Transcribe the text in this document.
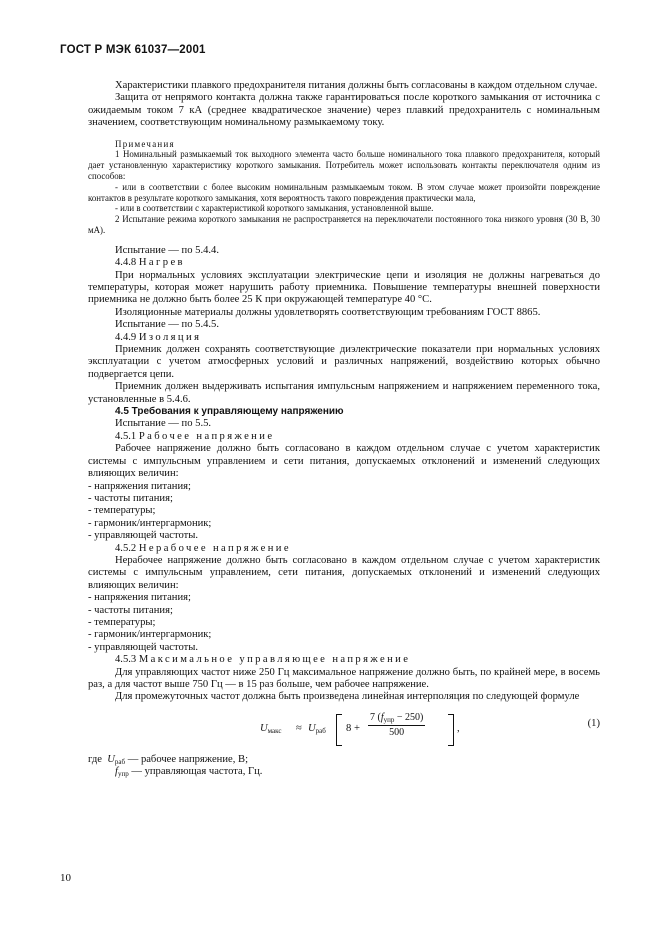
ГОСТ Р МЭК 61037—2001

Характеристики плавкого предохранителя питания должны быть согласованы в каждом отдельном случае.

Защита от непрямого контакта должна также гарантироваться после короткого замыкания от источника с ожидаемым током 7 кА (среднее квадратическое значение) через плавкий предохранитель с номинальным значением, соответствующим номинальному размыкаемому току.

Примечания

1 Номинальный размыкаемый ток выходного элемента часто больше номинального тока плавкого предохранителя, который дает установленную характеристику короткого замыкания. Потребитель может использовать контакты переключателя одним из способов:

- или в соответствии с более высоким номинальным размыкаемым током. В этом случае может произойти повреждение контактов в результате короткого замыкания, хотя вероятность такого повреждения практически мала,

- или в соответствии с характеристикой короткого замыкания, установленной выше.

2 Испытание режима короткого замыкания не распространяется на переключатели постоянного тока низкого уровня (30 В, 30 мА).

Испытание — по 5.4.4.

4.4.8 Нагрев

При нормальных условиях эксплуатации электрические цепи и изоляция не должны нагреваться до температуры, которая может нарушить работу приемника. Повышение температуры внешней поверхности приемника не должно быть более 25 К при окружающей температуре 40 °С.

Изоляционные материалы должны удовлетворять соответствующим требованиям ГОСТ 8865.

Испытание — по 5.4.5.

4.4.9 Изоляция

Приемник должен сохранять соответствующие диэлектрические показатели при нормальных условиях эксплуатации с учетом атмосферных условий и различных напряжений, воздействию которых обычно подвергается цепи.

Приемник должен выдерживать испытания импульсным напряжением и напряжением переменного тока, установленные в 5.4.6.

4.5 Требования к управляющему напряжению

Испытание — по 5.5.

4.5.1 Рабочее напряжение

Рабочее напряжение должно быть согласовано в каждом отдельном случае с учетом характеристик системы с импульсным управлением и сети питания, допускаемых отклонений и изменений следующих влияющих величин:

- напряжения питания;

- частоты питания;

- температуры;

- гармоник/интергармоник;

- управляющей частоты.

4.5.2 Нерабочее напряжение

Нерабочее напряжение должно быть согласовано в каждом отдельном случае с учетом характеристик системы с импульсным управлением, сети питания, допускаемых отклонений и изменений следующих влияющих величин:

- напряжения питания;

- частоты питания;

- температуры;

- гармоник/интергармоник;

- управляющей частоты.

4.5.3 Максимальное управляющее напряжение

Для управляющих частот ниже 250 Гц максимальное напряжение должно быть, по крайней мере, в восемь раз, а для частот выше 750 Гц — в 15 раз больше, чем рабочее напряжение.

Для промежуточных частот должна быть произведена линейная интерполяция по следующей формуле

$U_{макс} \approx U_{раб}$ 8 +
7 $(f_{упр} - 250)$
500	,	(1)

где $U_{раб}$ — рабочее напряжение, В;

$f_{упр}$ — управляющая частота, Гц.

10
